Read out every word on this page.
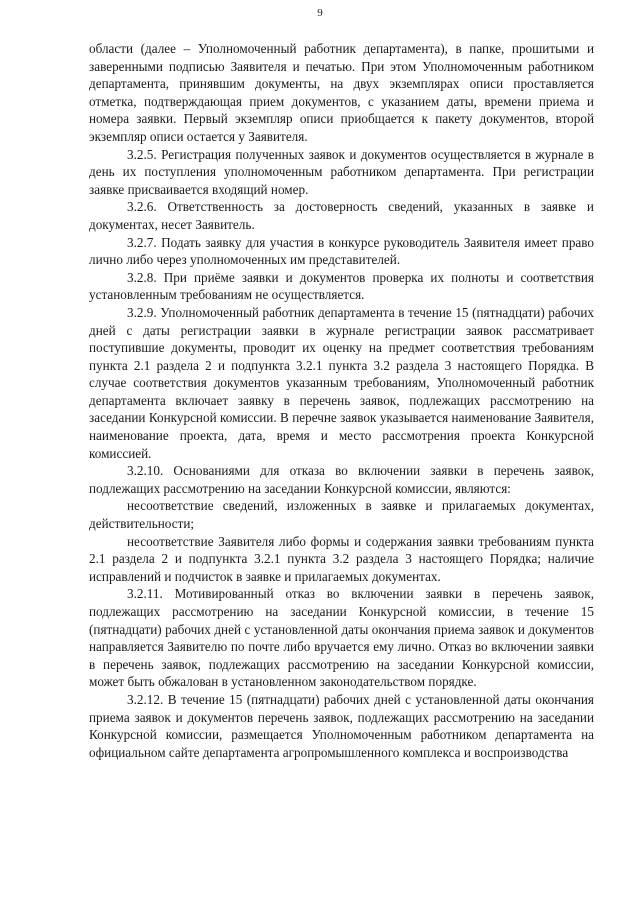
9

области (далее – Уполномоченный работник департамента), в папке, прошитыми и заверенными подписью Заявителя и печатью. При этом Уполномоченным работником департамента, принявшим документы, на двух экземплярах описи проставляется отметка, подтверждающая прием документов, с указанием даты, времени приема и номера заявки. Первый экземпляр описи приобщается к пакету документов, второй экземпляр описи остается у Заявителя.

3.2.5. Регистрация полученных заявок и документов осуществляется в журнале в день их поступления уполномоченным работником департамента. При регистрации заявке присваивается входящий номер.

3.2.6. Ответственность за достоверность сведений, указанных в заявке и документах, несет Заявитель.

3.2.7. Подать заявку для участия в конкурсе руководитель Заявителя имеет право лично либо через уполномоченных им представителей.

3.2.8. При приёме заявки и документов проверка их полноты и соответствия установленным требованиям не осуществляется.

3.2.9. Уполномоченный работник департамента в течение 15 (пятнадцати) рабочих дней с даты регистрации заявки в журнале регистрации заявок рассматривает поступившие документы, проводит их оценку на предмет соответствия требованиям пункта 2.1 раздела 2 и подпункта 3.2.1 пункта 3.2 раздела 3 настоящего Порядка. В случае соответствия документов указанным требованиям, Уполномоченный работник департамента включает заявку в перечень заявок, подлежащих рассмотрению на заседании Конкурсной комиссии. В перечне заявок указывается наименование Заявителя, наименование проекта, дата, время и место рассмотрения проекта Конкурсной комиссией.

3.2.10. Основаниями для отказа во включении заявки в перечень заявок, подлежащих рассмотрению на заседании Конкурсной комиссии, являются:

несоответствие сведений, изложенных в заявке и прилагаемых документах, действительности;

несоответствие Заявителя либо формы и содержания заявки требованиям пункта 2.1 раздела 2 и подпункта 3.2.1 пункта 3.2 раздела 3 настоящего Порядка; наличие исправлений и подчисток в заявке и прилагаемых документах.

3.2.11. Мотивированный отказ во включении заявки в перечень заявок, подлежащих рассмотрению на заседании Конкурсной комиссии, в течение 15 (пятнадцати) рабочих дней с установленной даты окончания приема заявок и документов направляется Заявителю по почте либо вручается ему лично. Отказ во включении заявки в перечень заявок, подлежащих рассмотрению на заседании Конкурсной комиссии, может быть обжалован в установленном законодательством порядке.

3.2.12. В течение 15 (пятнадцати) рабочих дней с установленной даты окончания приема заявок и документов перечень заявок, подлежащих рассмотрению на заседании Конкурсной комиссии, размещается Уполномоченным работником департамента на официальном сайте департамента агропромышленного комплекса и воспроизводства
